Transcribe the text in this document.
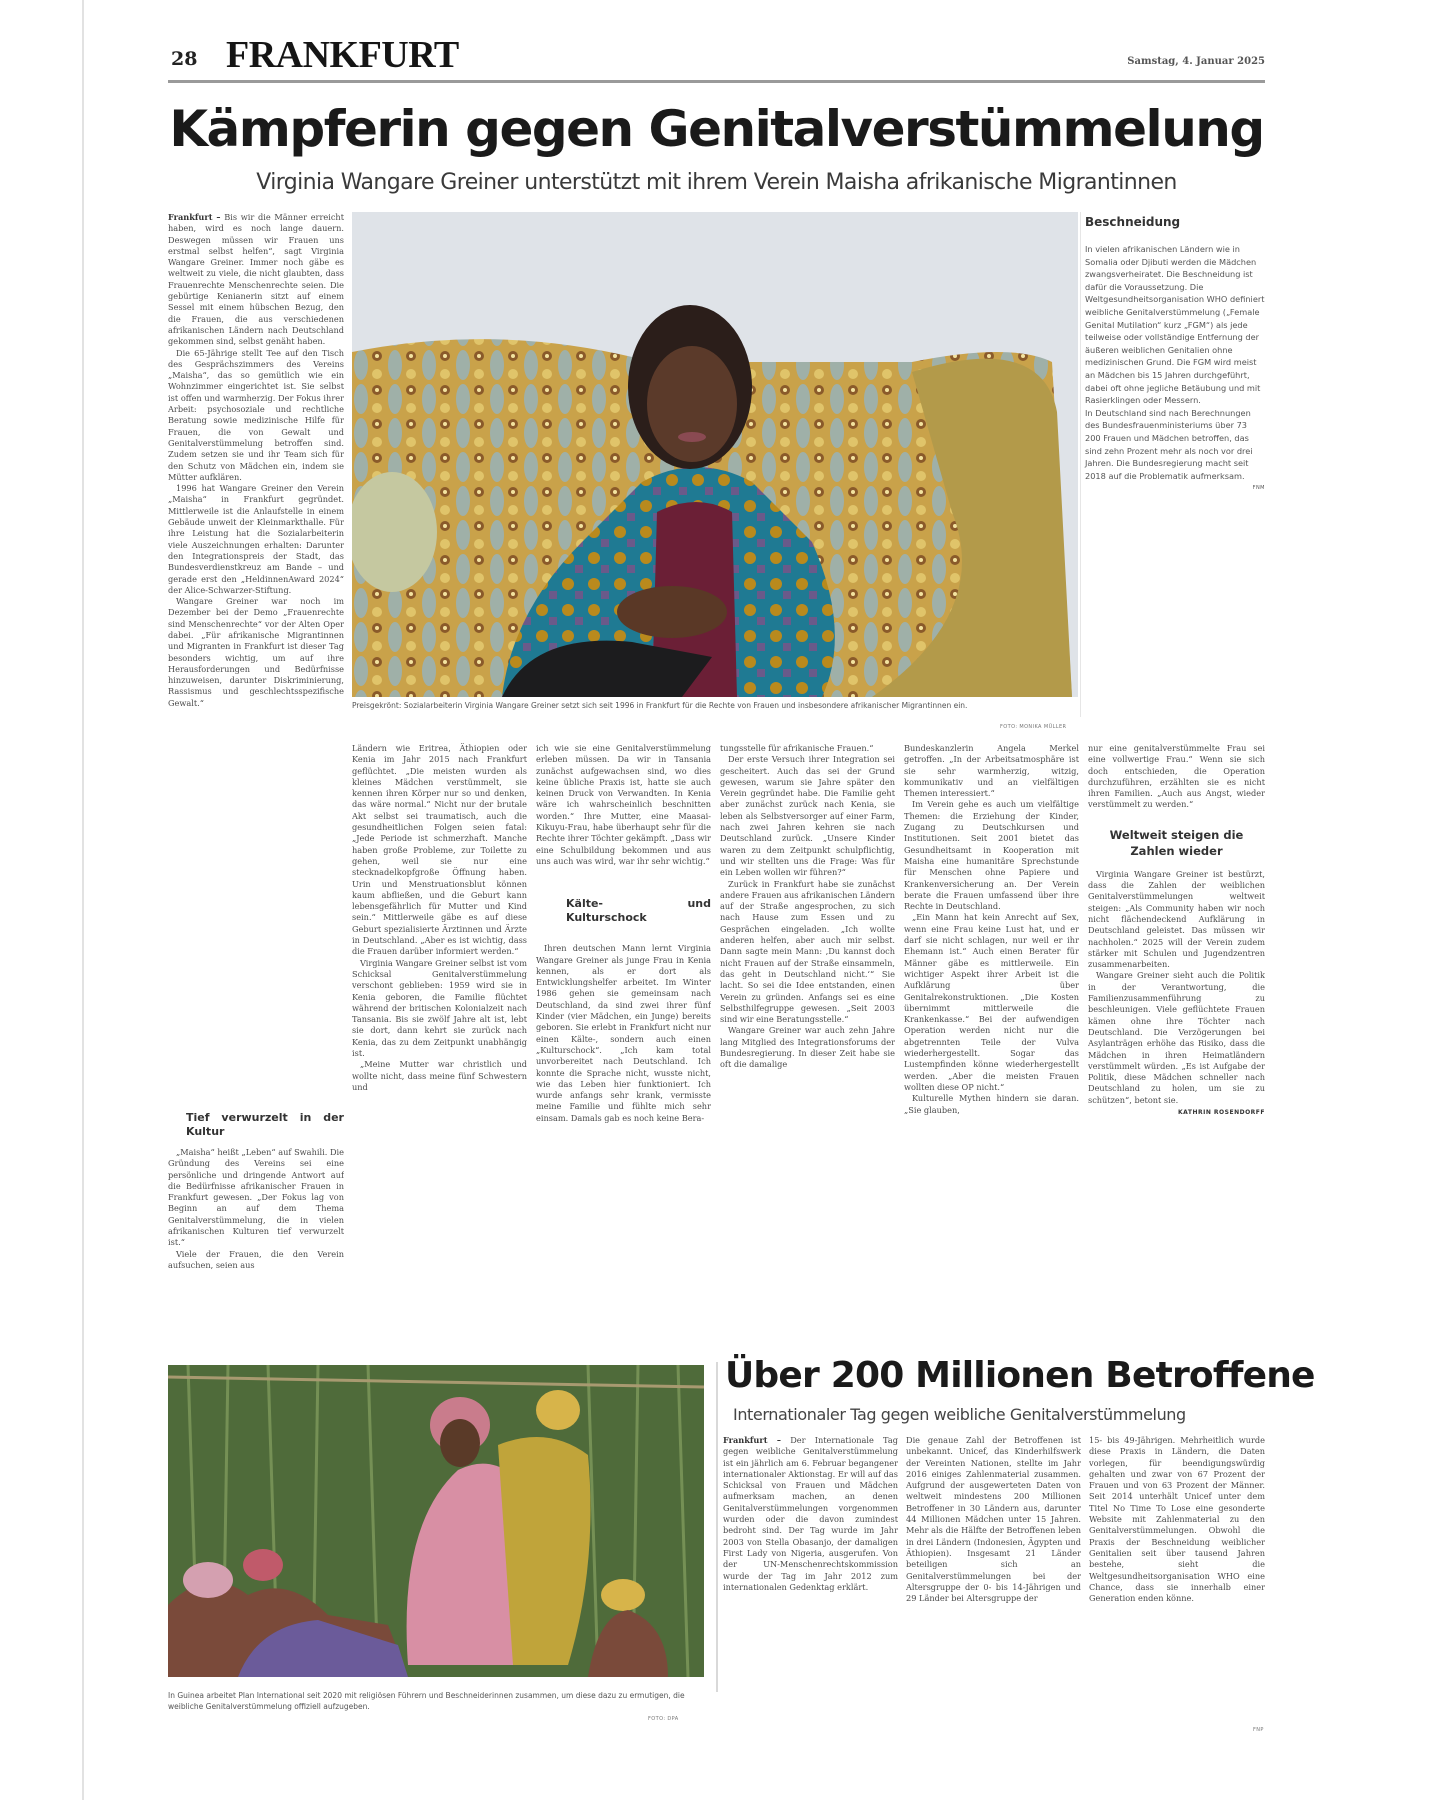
28 FRANKFURT	Samstag, 4. Januar 2025
Kämpferin gegen Genitalverstümmelung
Virginia Wangare Greiner unterstützt mit ihrem Verein Maisha afrikanische Migrantinnen

Frankfurt – Bis wir die Männer erreicht haben, wird es noch lange dauern. Deswegen müssen wir Frauen uns erstmal selbst helfen“, sagt Virginia Wangare Greiner. Immer noch gäbe es weltweit zu viele, die nicht glaubten, dass Frauenrechte Menschenrechte seien. Die gebürtige Kenianerin sitzt auf einem Sessel mit einem hübschen Bezug, den die Frauen, die aus verschiedenen afrikanischen Ländern nach Deutschland gekommen sind, selbst genäht haben.

Die 65-Jährige stellt Tee auf den Tisch des Gesprächszimmers des Vereins „Maisha“, das so gemütlich wie ein Wohnzimmer eingerichtet ist. Sie selbst ist offen und warmherzig. Der Fokus ihrer Arbeit: psychosoziale und rechtliche Beratung sowie medizinische Hilfe für Frauen, die von Gewalt und Genitalverstümmelung betroffen sind. Zudem setzen sie und ihr Team sich für den Schutz von Mädchen ein, indem sie Mütter aufklären.

1996 hat Wangare Greiner den Verein „Maisha“ in Frankfurt gegründet. Mittlerweile ist die Anlaufstelle in einem Gebäude unweit der Kleinmarkthalle. Für ihre Leistung hat die Sozialarbeiterin viele Auszeichnungen erhalten: Darunter den Integrationspreis der Stadt, das Bundesverdienstkreuz am Bande – und gerade erst den „HeldinnenAward 2024“ der Alice-Schwarzer-Stiftung.

Wangare Greiner war noch im Dezember bei der Demo „Frauenrechte sind Menschenrechte“ vor der Alten Oper dabei. „Für afrikanische Migrantinnen und Migranten in Frankfurt ist dieser Tag besonders wichtig, um auf ihre Herausforderungen und Bedürfnisse hinzuweisen, darunter Diskriminierung, Rassismus und geschlechtsspezifische Gewalt.“

Tief verwurzelt in der Kultur

„Maisha“ heißt „Leben“ auf Swahili. Die Gründung des Vereins sei eine persönliche und dringende Antwort auf die Bedürfnisse afrikanischer Frauen in Frankfurt gewesen. „Der Fokus lag von Beginn an auf dem Thema Genitalverstümmelung, die in vielen afrikanischen Kulturen tief verwurzelt ist.“

Viele der Frauen, die den Verein aufsuchen, seien aus

Preisgekrönt: Sozialarbeiterin Virginia Wangare Greiner setzt sich seit 1996 in Frankfurt für die Rechte von Frauen und insbesondere afrikanischer Migrantinnen ein.
FOTO: MONIKA MÜLLER
Beschneidung
In vielen afrikanischen Ländern wie in Somalia oder Djibuti werden die Mädchen zwangsverheiratet. Die Beschneidung ist dafür die Voraussetzung. Die Weltgesundheitsorganisation WHO definiert weibliche Genitalverstümmelung („Female Genital Mutilation“ kurz „FGM“) als jede teilweise oder vollständige Entfernung der äußeren weiblichen Genitalien ohne medizinischen Grund. Die FGM wird meist an Mädchen bis 15 Jahren durchgeführt, dabei oft ohne jegliche Betäubung und mit Rasierklingen oder Messern.
In Deutschland sind nach Berechnungen des Bundesfrauenministeriums über 73 200 Frauen und Mädchen betroffen, das sind zehn Prozent mehr als noch vor drei Jahren. Die Bundesregierung macht seit 2018 auf die Problematik aufmerksam.
FNM

Ländern wie Eritrea, Äthiopien oder Kenia im Jahr 2015 nach Frankfurt geflüchtet. „Die meisten wurden als kleines Mädchen verstümmelt, sie kennen ihren Körper nur so und denken, das wäre normal.“ Nicht nur der brutale Akt selbst sei traumatisch, auch die gesundheitlichen Folgen seien fatal: „Jede Periode ist schmerzhaft. Manche haben große Probleme, zur Toilette zu gehen, weil sie nur eine stecknadelkopfgroße Öffnung haben. Urin und Menstruationsblut können kaum abfließen, und die Geburt kann lebensgefährlich für Mutter und Kind sein.“ Mittlerweile gäbe es auf diese Geburt spezialisierte Ärztinnen und Ärzte in Deutschland. „Aber es ist wichtig, dass die Frauen darüber informiert werden.“

Virginia Wangare Greiner selbst ist vom Schicksal Genitalverstümmelung verschont geblieben: 1959 wird sie in Kenia geboren, die Familie flüchtet während der britischen Kolonialzeit nach Tansania. Bis sie zwölf Jahre alt ist, lebt sie dort, dann kehrt sie zurück nach Kenia, das zu dem Zeitpunkt unabhängig ist.

„Meine Mutter war christlich und wollte nicht, dass meine fünf Schwestern und

ich wie sie eine Genitalverstümmelung erleben müssen. Da wir in Tansania zunächst aufgewachsen sind, wo dies keine übliche Praxis ist, hatte sie auch keinen Druck von Verwandten. In Kenia wäre ich wahrscheinlich beschnitten worden.“ Ihre Mutter, eine Maasai-Kikuyu-Frau, habe überhaupt sehr für die Rechte ihrer Töchter gekämpft. „Dass wir eine Schulbildung bekommen und aus uns auch was wird, war ihr sehr wichtig.“

Kälte- und Kulturschock

Ihren deutschen Mann lernt Virginia Wangare Greiner als junge Frau in Kenia kennen, als er dort als Entwicklungshelfer arbeitet. Im Winter 1986 gehen sie gemeinsam nach Deutschland, da sind zwei ihrer fünf Kinder (vier Mädchen, ein Junge) bereits geboren. Sie erlebt in Frankfurt nicht nur einen Kälte-, sondern auch einen „Kulturschock“. „Ich kam total unvorbereitet nach Deutschland. Ich konnte die Sprache nicht, wusste nicht, wie das Leben hier funktioniert. Ich wurde anfangs sehr krank, vermisste meine Familie und fühlte mich sehr einsam. Damals gab es noch keine Bera-

tungsstelle für afrikanische Frauen.“

Der erste Versuch ihrer Integration sei gescheitert. Auch das sei der Grund gewesen, warum sie Jahre später den Verein gegründet habe. Die Familie geht aber zunächst zurück nach Kenia, sie leben als Selbstversorger auf einer Farm, nach zwei Jahren kehren sie nach Deutschland zurück. „Unsere Kinder waren zu dem Zeitpunkt schulpflichtig, und wir stellten uns die Frage: Was für ein Leben wollen wir führen?“

Zurück in Frankfurt habe sie zunächst andere Frauen aus afrikanischen Ländern auf der Straße angesprochen, zu sich nach Hause zum Essen und zu Gesprächen eingeladen. „Ich wollte anderen helfen, aber auch mir selbst. Dann sagte mein Mann: ‚Du kannst doch nicht Frauen auf der Straße einsammeln, das geht in Deutschland nicht.‘“ Sie lacht. So sei die Idee entstanden, einen Verein zu gründen. Anfangs sei es eine Selbsthilfegruppe gewesen. „Seit 2003 sind wir eine Beratungsstelle.“

Wangare Greiner war auch zehn Jahre lang Mitglied des Integrationsforums der Bundesregierung. In dieser Zeit habe sie oft die damalige

Bundeskanzlerin Angela Merkel getroffen. „In der Arbeitsatmosphäre ist sie sehr warmherzig, witzig, kommunikativ und an vielfältigen Themen interessiert.“

Im Verein gehe es auch um vielfältige Themen: die Erziehung der Kinder, Zugang zu Deutschkursen und Institutionen. Seit 2001 bietet das Gesundheitsamt in Kooperation mit Maisha eine humanitäre Sprechstunde für Menschen ohne Papiere und Krankenversicherung an. Der Verein berate die Frauen umfassend über ihre Rechte in Deutschland.

„Ein Mann hat kein Anrecht auf Sex, wenn eine Frau keine Lust hat, und er darf sie nicht schlagen, nur weil er ihr Ehemann ist.“ Auch einen Berater für Männer gäbe es mittlerweile. Ein wichtiger Aspekt ihrer Arbeit ist die Aufklärung über Genitalrekonstruktionen. „Die Kosten übernimmt mittlerweile die Krankenkasse.“ Bei der aufwendigen Operation werden nicht nur die abgetrennten Teile der Vulva wiederhergestellt. Sogar das Lustempfinden könne wiederhergestellt werden. „Aber die meisten Frauen wollten diese OP nicht.“

Kulturelle Mythen hindern sie daran. „Sie glauben,

nur eine genitalverstümmelte Frau sei eine vollwertige Frau.“ Wenn sie sich doch entschieden, die Operation durchzuführen, erzählten sie es nicht ihren Familien. „Auch aus Angst, wieder verstümmelt zu werden.“

Weltweit steigen die Zahlen wieder

Virginia Wangare Greiner ist bestürzt, dass die Zahlen der weiblichen Genitalverstümmelungen weltweit steigen: „Als Community haben wir noch nicht flächendeckend Aufklärung in Deutschland geleistet. Das müssen wir nachholen.“ 2025 will der Verein zudem stärker mit Schulen und Jugendzentren zusammenarbeiten.

Wangare Greiner sieht auch die Politik in der Verantwortung, die Familienzusammenführung zu beschleunigen. Viele geflüchtete Frauen kämen ohne ihre Töchter nach Deutschland. Die Verzögerungen bei Asylanträgen erhöhe das Risiko, dass die Mädchen in ihren Heimatländern verstümmelt würden. „Es ist Aufgabe der Politik, diese Mädchen schneller nach Deutschland zu holen, um sie zu schützen“, betont sie.

KATHRIN ROSENDORFF
In Guinea arbeitet Plan International seit 2020 mit religiösen Führern und Beschneiderinnen zusammen, um diese dazu zu ermutigen, die weibliche Genitalverstümmelung offiziell aufzugeben.
FOTO: DPA
Über 200 Millionen Betroffene
Internationaler Tag gegen weibliche Genitalverstümmelung

Frankfurt – Der Internationale Tag gegen weibliche Genitalverstümmelung ist ein jährlich am 6. Februar begangener internationaler Aktionstag. Er will auf das Schicksal von Frauen und Mädchen aufmerksam machen, an denen Genitalverstümmelungen vorgenommen wurden oder die davon zumindest bedroht sind. Der Tag wurde im Jahr 2003 von Stella Obasanjo, der damaligen First Lady von Nigeria, ausgerufen. Von der UN-Menschenrechtskommission wurde der Tag im Jahr 2012 zum internationalen Gedenktag erklärt.

Die genaue Zahl der Betroffenen ist unbekannt. Unicef, das Kinderhilfswerk der Vereinten Nationen, stellte im Jahr 2016 einiges Zahlenmaterial zusammen. Aufgrund der ausgewerteten Daten von weltweit mindestens 200 Millionen Betroffener in 30 Ländern aus, darunter 44 Millionen Mädchen unter 15 Jahren. Mehr als die Hälfte der Betroffenen leben in drei Ländern (Indonesien, Ägypten und Äthiopien). Insgesamt 21 Länder beteiligen sich an Genitalverstümmelungen bei der Altersgruppe der 0- bis 14-Jährigen und 29 Länder bei Altersgruppe der

15- bis 49-Jährigen. Mehrheitlich wurde diese Praxis in Ländern, die Daten vorlegen, für beendigungswürdig gehalten und zwar von 67 Prozent der Frauen und von 63 Prozent der Männer. Seit 2014 unterhält Unicef unter dem Titel No Time To Lose eine gesonderte Website mit Zahlenmaterial zu den Genitalverstümmelungen. Obwohl die Praxis der Beschneidung weiblicher Genitalien seit über tausend Jahren bestehe, sieht die Weltgesundheitsorganisation WHO eine Chance, dass sie innerhalb einer Generation enden könne.

FNP
